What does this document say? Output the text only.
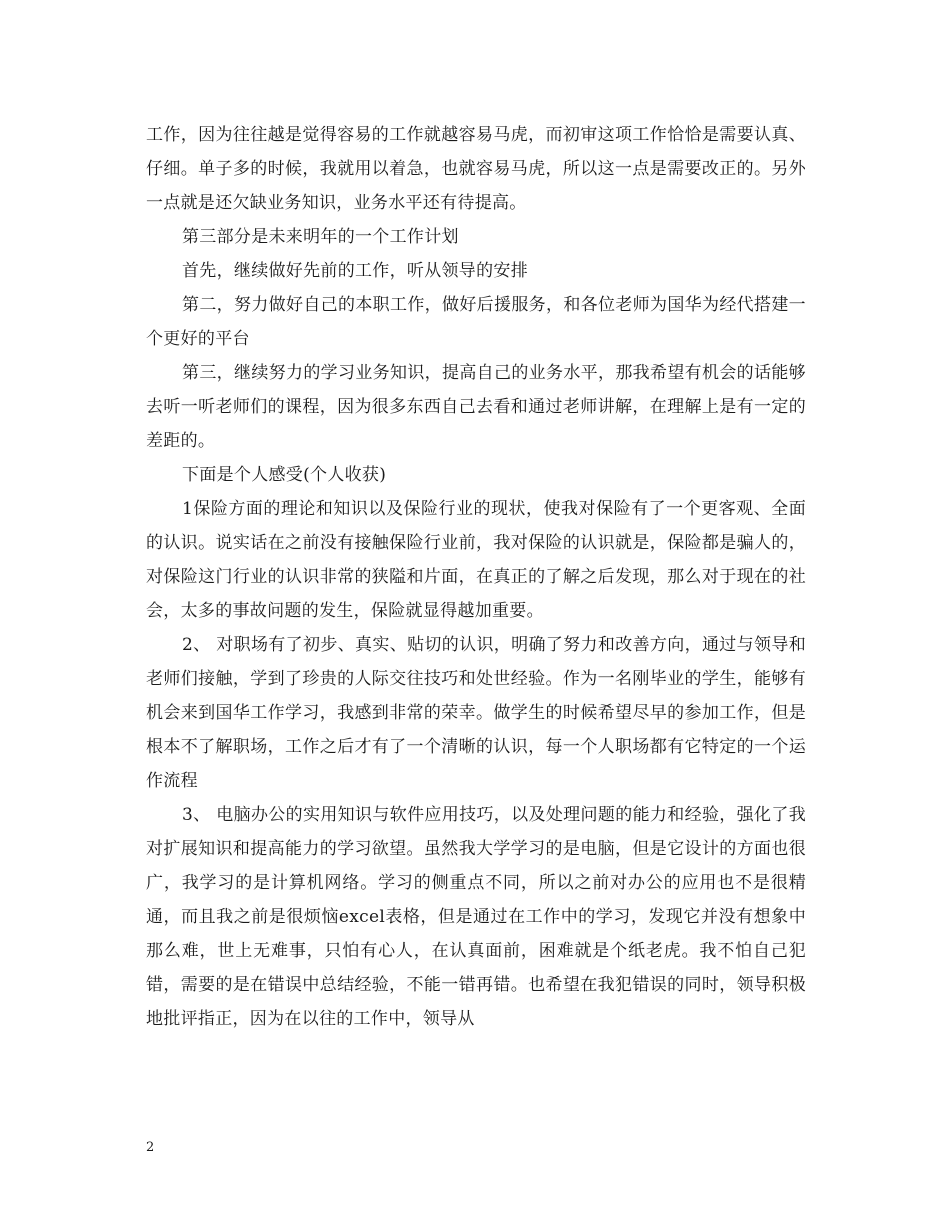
工作，因为往往越是觉得容易的工作就越容易马虎，而初审这项工作恰恰是需要认真、仔细。单子多的时候，我就用以着急，也就容易马虎，所以这一点是需要改正的。另外一点就是还欠缺业务知识，业务水平还有待提高。

第三部分是未来明年的一个工作计划

首先，继续做好先前的工作，听从领导的安排

第二，努力做好自己的本职工作，做好后援服务，和各位老师为国华为经代搭建一个更好的平台

第三，继续努力的学习业务知识，提高自己的业务水平，那我希望有机会的话能够去听一听老师们的课程，因为很多东西自己去看和通过老师讲解，在理解上是有一定的差距的。

下面是个人感受(个人收获)

1保险方面的理论和知识以及保险行业的现状，使我对保险有了一个更客观、全面的认识。说实话在之前没有接触保险行业前，我对保险的认识就是，保险都是骗人的，对保险这门行业的认识非常的狭隘和片面，在真正的了解之后发现，那么对于现在的社会，太多的事故问题的发生，保险就显得越加重要。

2、 对职场有了初步、真实、贴切的认识，明确了努力和改善方向，通过与领导和老师们接触，学到了珍贵的人际交往技巧和处世经验。作为一名刚毕业的学生，能够有机会来到国华工作学习，我感到非常的荣幸。做学生的时候希望尽早的参加工作，但是根本不了解职场，工作之后才有了一个清晰的认识，每一个人职场都有它特定的一个运作流程

3、 电脑办公的实用知识与软件应用技巧，以及处理问题的能力和经验，强化了我对扩展知识和提高能力的学习欲望。虽然我大学学习的是电脑，但是它设计的方面也很广，我学习的是计算机网络。学习的侧重点不同，所以之前对办公的应用也不是很精通，而且我之前是很烦恼excel表格，但是通过在工作中的学习，发现它并没有想象中那么难，世上无难事，只怕有心人，在认真面前，困难就是个纸老虎。我不怕自己犯错，需要的是在错误中总结经验，不能一错再错。也希望在我犯错误的同时，领导积极地批评指正，因为在以往的工作中，领导从

2
